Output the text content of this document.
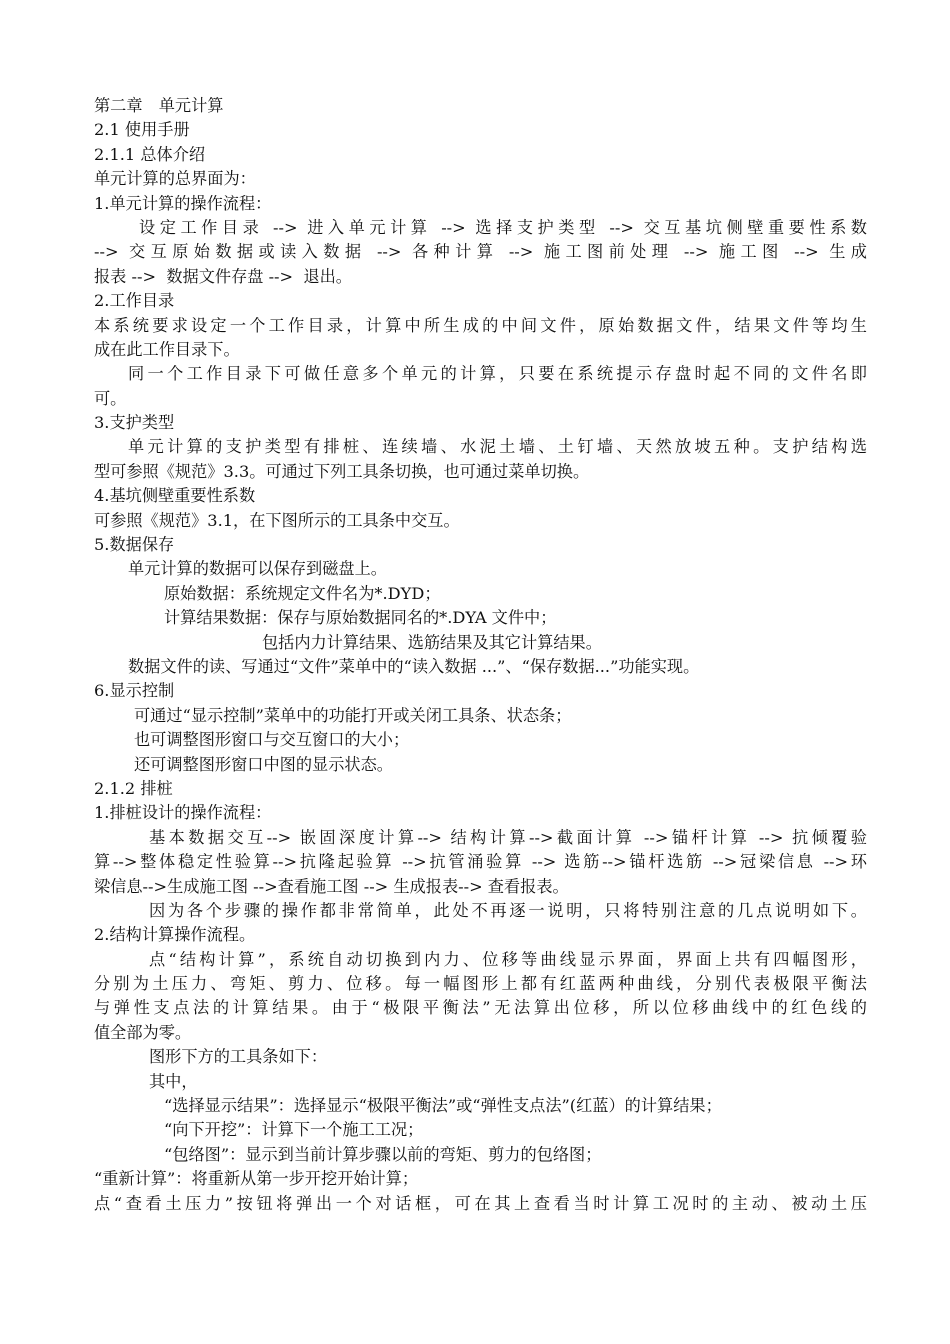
第二章　单元计算
2.1 使用手册
2.1.1 总体介绍
单元计算的总界面为：
1.单元计算的操作流程：
设定工作目录 --> 进入单元计算 --> 选择支护类型 --> 交互基坑侧壁重要性系数
--> 交互原始数据或读入数据 --> 各种计算 --> 施工图前处理 --> 施工图 --> 生成
报表 -->  数据文件存盘 -->  退出。
2.工作目录
本系统要求设定一个工作目录，计算中所生成的中间文件，原始数据文件，结果文件等均生
成在此工作目录下。
同一个工作目录下可做任意多个单元的计算，只要在系统提示存盘时起不同的文件名即
可。
3.支护类型
单元计算的支护类型有排桩、连续墙、水泥土墙、土钉墙、天然放坡五种。支护结构选
型可参照《规范》3.3。可通过下列工具条切换，也可通过菜单切换。
4.基坑侧壁重要性系数
可参照《规范》3.1，在下图所示的工具条中交互。
5.数据保存
单元计算的数据可以保存到磁盘上。
原始数据：系统规定文件名为*.DYD；
计算结果数据：保存与原始数据同名的*.DYA 文件中；
包括内力计算结果、选筋结果及其它计算结果。
数据文件的读、写通过“文件”菜单中的“读入数据 ...”、“保存数据...”功能实现。
6.显示控制
可通过“显示控制”菜单中的功能打开或关闭工具条、状态条；
也可调整图形窗口与交互窗口的大小；
还可调整图形窗口中图的显示状态。
2.1.2 排桩
1.排桩设计的操作流程：
基本数据交互--> 嵌固深度计算--> 结构计算-->截面计算 -->锚杆计算 --> 抗倾覆验
算-->整体稳定性验算-->抗隆起验算 -->抗管涌验算 --> 选筋-->锚杆选筋 -->冠梁信息 -->环
梁信息-->生成施工图 -->查看施工图 --> 生成报表--> 查看报表。
因为各个步骤的操作都非常简单，此处不再逐一说明，只将特别注意的几点说明如下。
2.结构计算操作流程。
点“结构计算”，系统自动切换到内力、位移等曲线显示界面，界面上共有四幅图形，
分别为土压力、弯矩、剪力、位移。每一幅图形上都有红蓝两种曲线，分别代表极限平衡法
与弹性支点法的计算结果。由于“极限平衡法”无法算出位移，所以位移曲线中的红色线的
值全部为零。
图形下方的工具条如下：
其中，
“选择显示结果”：选择显示“极限平衡法”或“弹性支点法”(红蓝）的计算结果；
“向下开挖”：计算下一个施工工况；
“包络图”：显示到当前计算步骤以前的弯矩、剪力的包络图；
“重新计算”：将重新从第一步开挖开始计算；
点“查看土压力”按钮将弹出一个对话框，可在其上查看当时计算工况时的主动、被动土压
